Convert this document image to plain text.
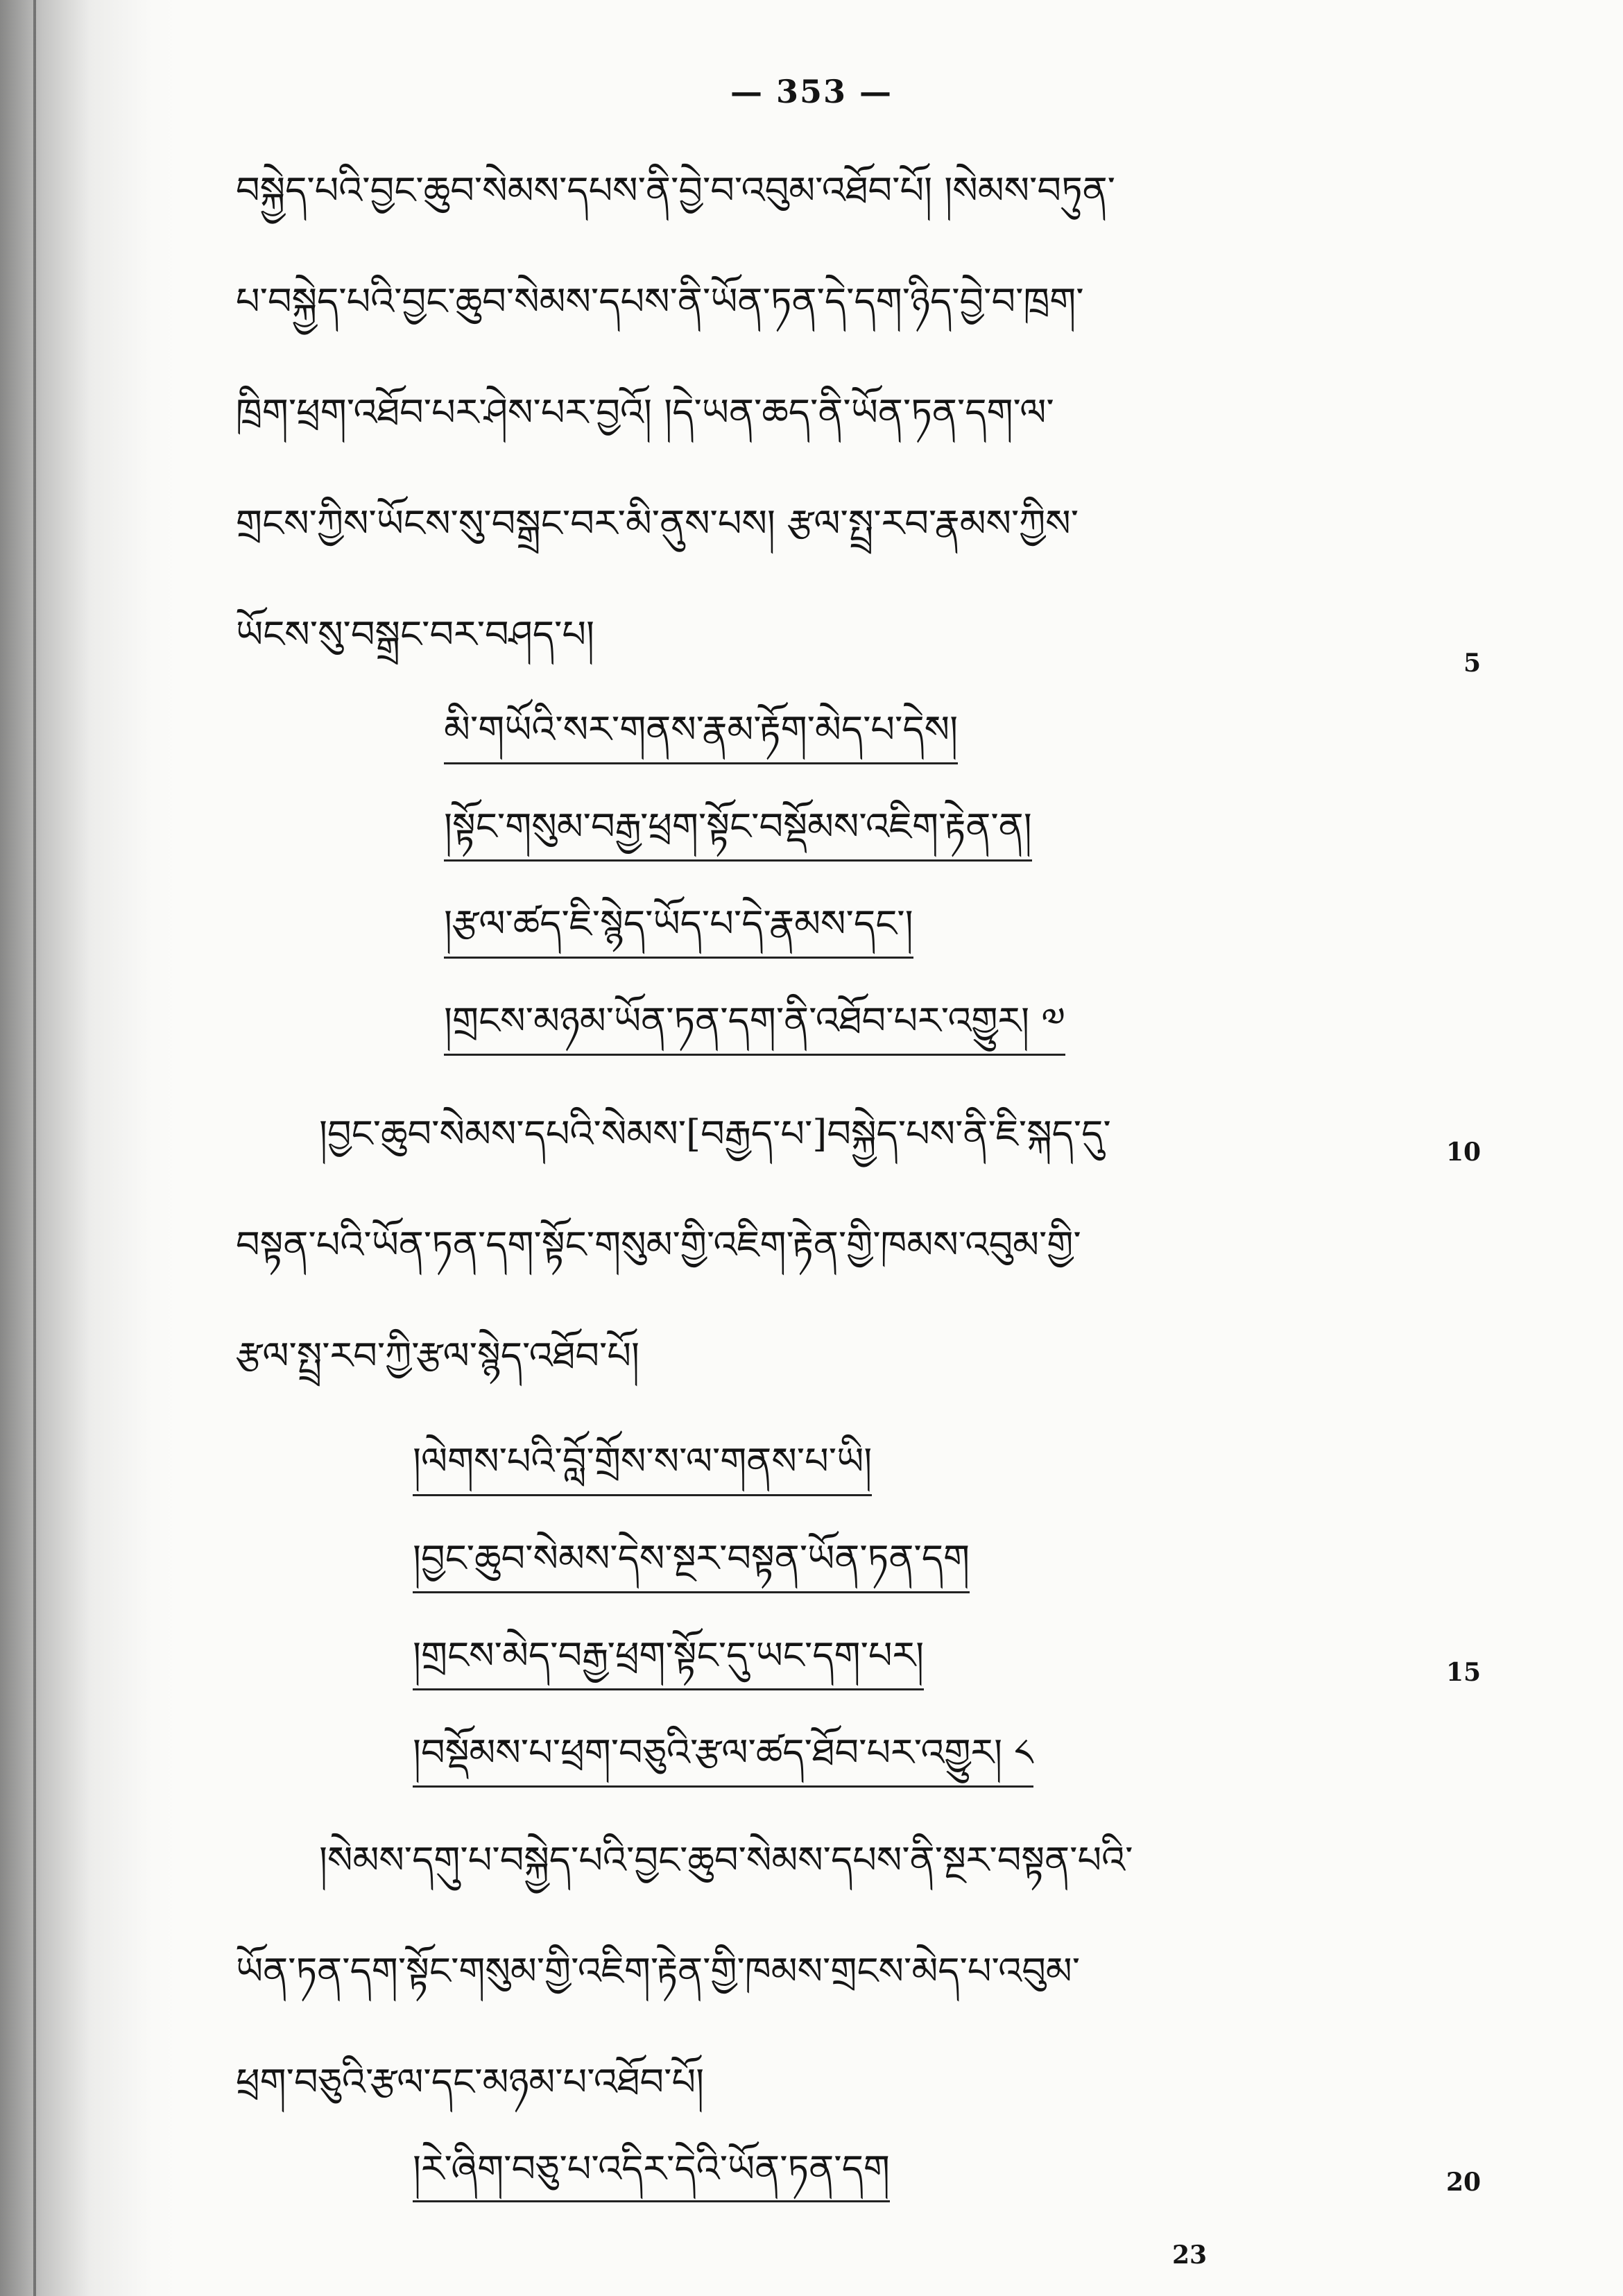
— 353 —
བསྐྱེད་པའི་བྱང་ཆུབ་སེམས་དཔས་ནི་བྱེ་བ་འབུམ་འཐོབ་པོ། །སེམས་བཏུན་
པ་བསྐྱེད་པའི་བྱང་ཆུབ་སེམས་དཔས་ནི་ཡོན་ཏན་དེ་དག་ཉིད་བྱེ་བ་ཁྲག་
ཁྲིག་ཕྲག་འཐོབ་པར་ཤེས་པར་བྱའོ། །དེ་ཡན་ཆད་ནི་ཡོན་ཏན་དག་ལ་
གྲངས་ཀྱིས་ཡོངས་སུ་བསྒྲང་བར་མི་ནུས་པས། རྩལ་སྤྲ་རབ་རྣམས་ཀྱིས་
ཡོངས་སུ་བསྒྲང་བར་བཤད་པ།
5
མི་གཡོའི་སར་གནས་རྣམ་རྟོག་མེད་པ་དེས།
།སྟོང་གསུམ་བརྒྱ་ཕྲག་སྟོང་བསྡོམས་འཇིག་རྟེན་ན།
།རྩལ་ཚད་ཇི་སྙེད་ཡོད་པ་དེ་རྣམས་དང་།
།གྲངས་མཉམ་ཡོན་ཏན་དག་ནི་འཐོབ་པར་འགྱུར། ༧
།བྱང་ཆུབ་སེམས་དཔའི་སེམས་[བརྒྱད་པ་]བསྐྱེད་པས་ནི་ཇི་སྐད་དུ་	10
བསྟན་པའི་ཡོན་ཏན་དག་སྟོང་གསུམ་གྱི་འཇིག་རྟེན་གྱི་ཁམས་འབུམ་གྱི་
རྩལ་སྤྲ་རབ་ཀྱི་རྩལ་སྙེད་འཐོབ་པོ།
།ལེགས་པའི་བློ་གྲོས་ས་ལ་གནས་པ་ཡི།
།བྱང་ཆུབ་སེམས་དེས་སྔར་བསྟན་ཡོན་ཏན་དག
།གྲངས་མེད་བརྒྱ་ཕྲག་སྟོང་དུ་ཡང་དག་པར།	15
།བསྡོམས་པ་ཕྲག་བཅུའི་རྩལ་ཚད་ཐོབ་པར་འགྱུར། ༨
།སེམས་དགུ་པ་བསྐྱེད་པའི་བྱང་ཆུབ་སེམས་དཔས་ནི་སྔར་བསྟན་པའི་
ཡོན་ཏན་དག་སྟོང་གསུམ་གྱི་འཇིག་རྟེན་གྱི་ཁམས་གྲངས་མེད་པ་འབུམ་
ཕྲག་བཅུའི་རྩལ་དང་མཉམ་པ་འཐོབ་པོ།
།རེ་ཞིག་བཅུ་པ་འདིར་དེའི་ཡོན་ཏན་དག	20
23
